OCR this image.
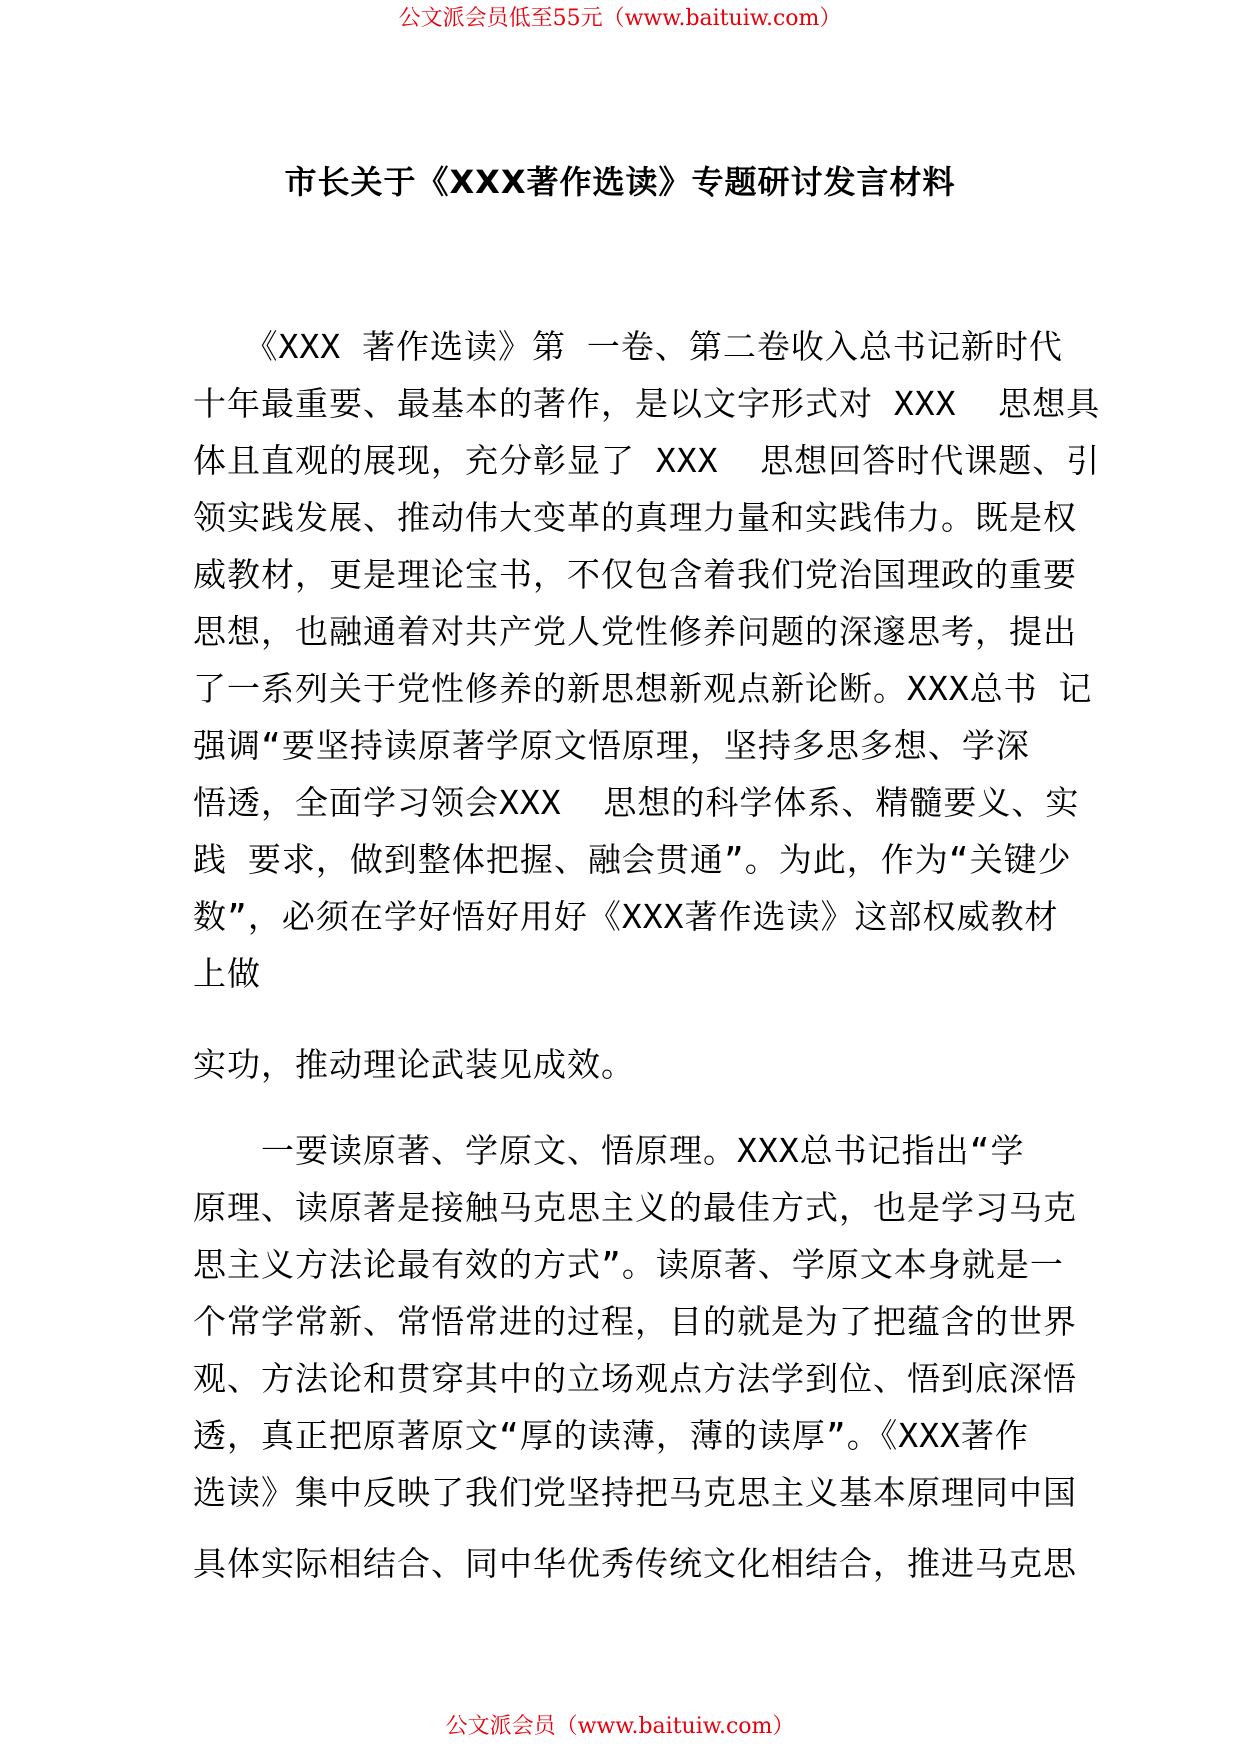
公文派会员低至55元（www.baituiw.com）
市长关于《XXX著作选读》专题研讨发言材料
　　《XXX 著作选读》第 一卷、第二卷收入总书记新时代
十年最重要、最基本的著作，是以文字形式对 XXX  思想具
体且直观的展现，充分彰显了 XXX  思想回答时代课题、引
领实践发展、推动伟大变革的真理力量和实践伟力。既是权
威教材，更是理论宝书，不仅包含着我们党治国理政的重要
思想，也融通着对共产党人党性修养问题的深邃思考，提出
了一系列关于党性修养的新思想新观点新论断。XXX总书 记
强调“要坚持读原著学原文悟原理，坚持多思多想、学深
悟透，全面学习领会XXX  思想的科学体系、精髓要义、实
践 要求，做到整体把握、融会贯通”。为此，作为“关键少
数”，必须在学好悟好用好《XXX著作选读》这部权威教材
上做
实功，推动理论武装见成效。
　　一要读原著、学原文、悟原理。XXX总书记指出“学
原理、读原著是接触马克思主义的最佳方式，也是学习马克
思主义方法论最有效的方式”。读原著、学原文本身就是一
个常学常新、常悟常进的过程，目的就是为了把蕴含的世界
观、方法论和贯穿其中的立场观点方法学到位、悟到底深悟
透，真正把原著原文“厚的读薄，薄的读厚”。《XXX著作
选读》集中反映了我们党坚持把马克思主义基本原理同中国
具体实际相结合、同中华优秀传统文化相结合，推进马克思
公文派会员（www.baituiw.com）
